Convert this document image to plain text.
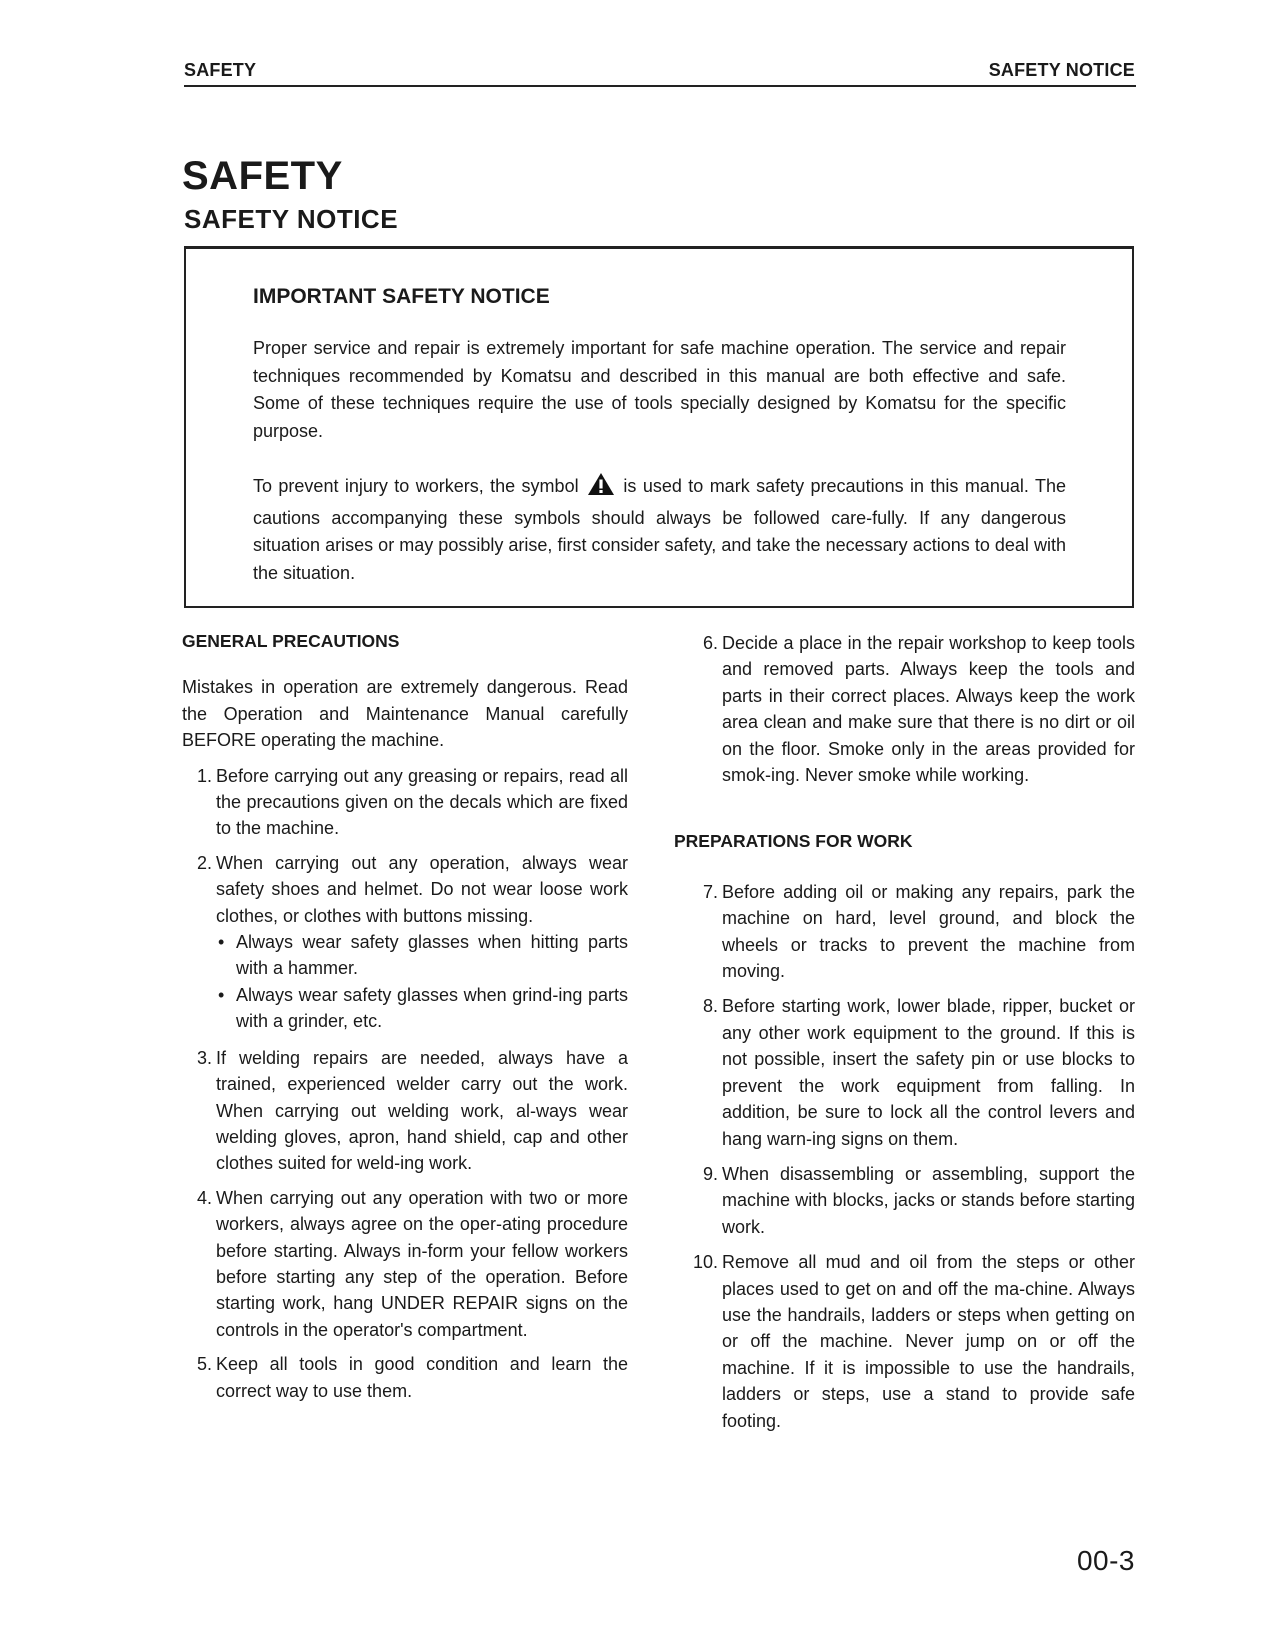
SAFETY	SAFETY NOTICE
SAFETY
SAFETY NOTICE
IMPORTANT SAFETY NOTICE

Proper service and repair is extremely important for safe machine operation. The service and repair techniques recommended by Komatsu and described in this manual are both effective and safe. Some of these techniques require the use of tools specially designed by Komatsu for the specific purpose.

To prevent injury to workers, the symbol is used to mark safety precautions in this manual. The cautions accompanying these symbols should always be followed care-fully. If any dangerous situation arises or may possibly arise, first consider safety, and take the necessary actions to deal with the situation.

GENERAL PRECAUTIONS

Mistakes in operation are extremely dangerous. Read the Operation and Maintenance Manual carefully BEFORE operating the machine.

1. Before carrying out any greasing or repairs, read all the precautions given on the decals which are fixed to the machine.
2. When carrying out any operation, always wear safety shoes and helmet. Do not wear loose work clothes, or clothes with buttons missing.
• Always wear safety glasses when hitting parts with a hammer.
• Always wear safety glasses when grind-ing parts with a grinder, etc.
3. If welding repairs are needed, always have a trained, experienced welder carry out the work. When carrying out welding work, al-ways wear welding gloves, apron, hand shield, cap and other clothes suited for weld-ing work.
4. When carrying out any operation with two or more workers, always agree on the oper-ating procedure before starting. Always in-form your fellow workers before starting any step of the operation. Before starting work, hang UNDER REPAIR signs on the controls in the operator's compartment.
5. Keep all tools in good condition and learn the correct way to use them.
6. Decide a place in the repair workshop to keep tools and removed parts. Always keep the tools and parts in their correct places. Always keep the work area clean and make sure that there is no dirt or oil on the floor. Smoke only in the areas provided for smok-ing. Never smoke while working.

PREPARATIONS FOR WORK

7. Before adding oil or making any repairs, park the machine on hard, level ground, and block the wheels or tracks to prevent the machine from moving.
8. Before starting work, lower blade, ripper, bucket or any other work equipment to the ground. If this is not possible, insert the safety pin or use blocks to prevent the work equipment from falling. In addition, be sure to lock all the control levers and hang warn-ing signs on them.
9. When disassembling or assembling, support the machine with blocks, jacks or stands before starting work.
10. Remove all mud and oil from the steps or other places used to get on and off the ma-chine. Always use the handrails, ladders or steps when getting on or off the machine. Never jump on or off the machine. If it is impossible to use the handrails, ladders or steps, use a stand to provide safe footing.
00-3
